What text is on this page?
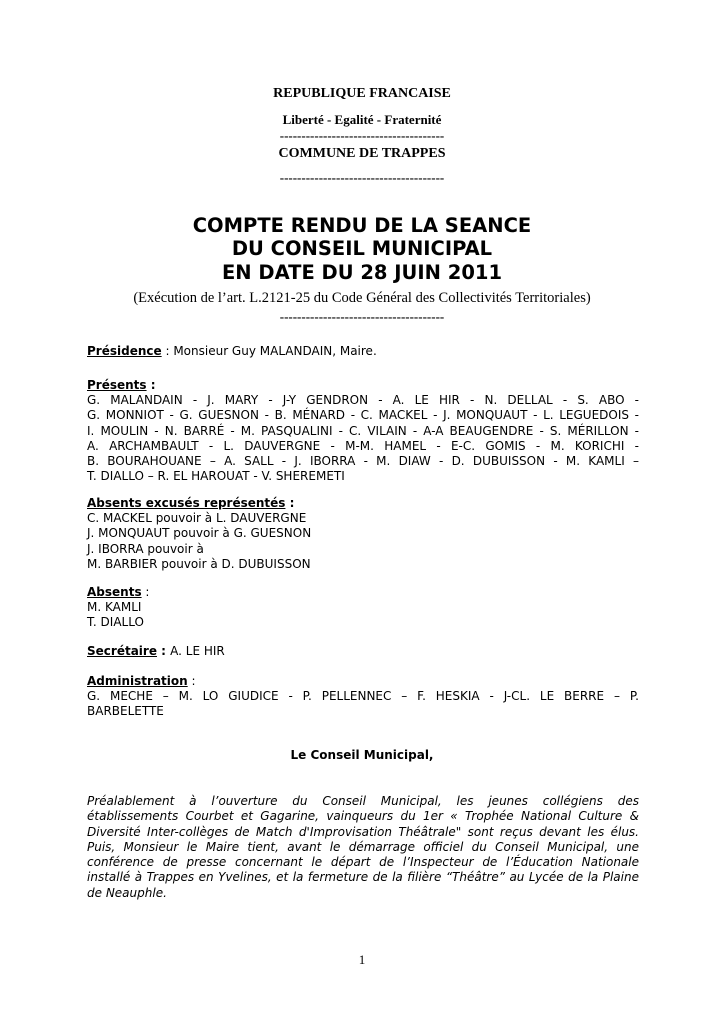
REPUBLIQUE FRANCAISE
Liberté - Egalité - Fraternité
--------------------------------------
COMMUNE DE TRAPPES
--------------------------------------
COMPTE RENDU DE LA SEANCE
DU CONSEIL MUNICIPAL
EN DATE DU 28 JUIN 2011
(Exécution de l’art. L.2121-25 du Code Général des Collectivités Territoriales)
--------------------------------------
Présidence : Monsieur Guy MALANDAIN, Maire.
Présents :
G. MALANDAIN - J. MARY - J-Y GENDRON - A. LE HIR - N. DELLAL - S. ABO -
G. MONNIOT - G. GUESNON - B. MÉNARD - C. MACKEL - J. MONQUAUT - L. LEGUEDOIS -
I. MOULIN - N. BARRÉ - M. PASQUALINI - C. VILAIN - A-A BEAUGENDRE - S. MÉRILLON -
A. ARCHAMBAULT - L. DAUVERGNE - M-M. HAMEL - E-C. GOMIS - M. KORICHI -
B. BOURAHOUANE – A. SALL - J. IBORRA - M. DIAW - D. DUBUISSON - M. KAMLI –
T. DIALLO – R. EL HAROUAT - V. SHEREMETI
Absents excusés représentés :
C. MACKEL pouvoir à L. DAUVERGNE
J. MONQUAUT pouvoir à G. GUESNON
J. IBORRA pouvoir à
M. BARBIER pouvoir à D. DUBUISSON
Absents :
M. KAMLI
T. DIALLO
Secrétaire : A. LE HIR
Administration :
G. MECHE – M. LO GIUDICE - P. PELLENNEC – F. HESKIA - J-CL. LE BERRE – P.
BARBELETTE
Le Conseil Municipal,
Préalablement à l’ouverture du Conseil Municipal, les jeunes collégiens des
établissements Courbet et Gagarine, vainqueurs du 1er « Trophée National Culture &
Diversité Inter-collèges de Match d'Improvisation Théâtrale" sont reçus devant les élus.
Puis, Monsieur le Maire tient, avant le démarrage officiel du Conseil Municipal, une
conférence de presse concernant le départ de l’Inspecteur de l’Éducation Nationale
installé à Trappes en Yvelines, et la fermeture de la filière “Théâtre” au Lycée de la Plaine
de Neauphle.
1
